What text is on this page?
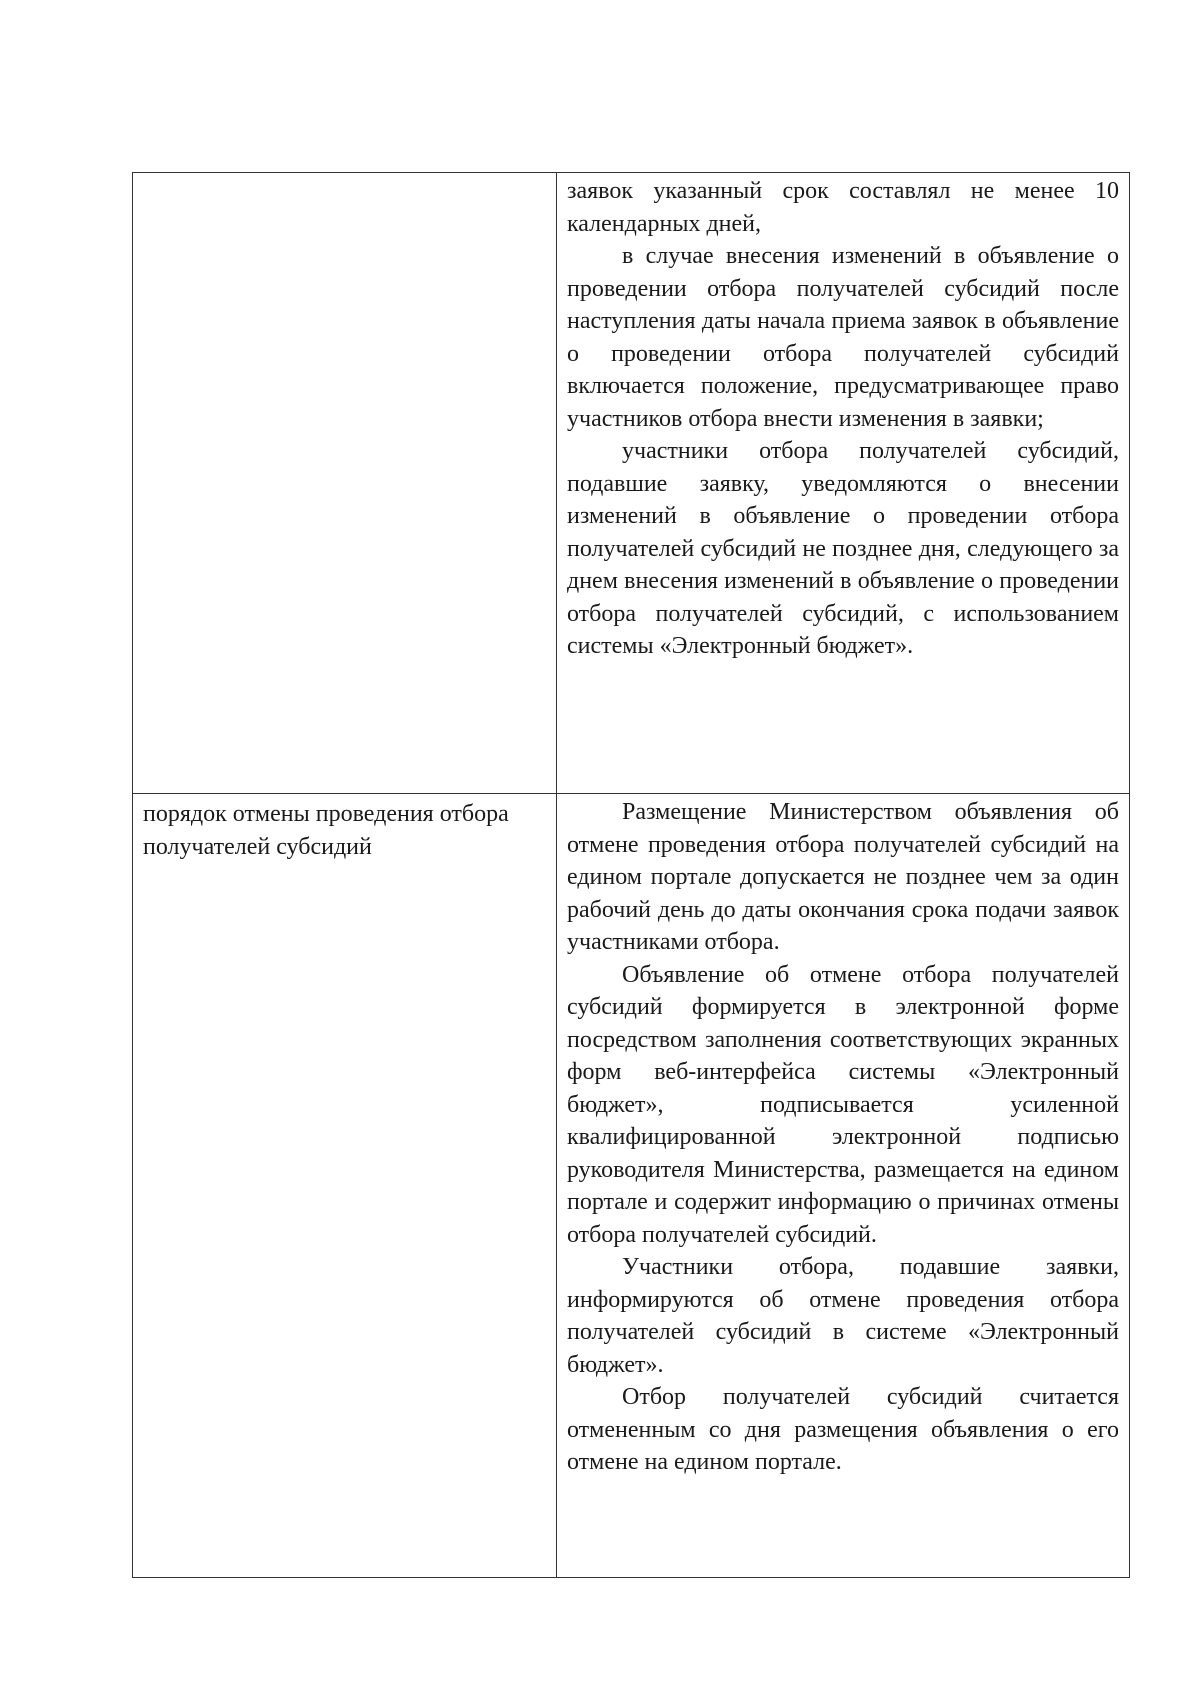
	заявок указанный срок составлял не менее 10 календарных дней,

в случае внесения изменений в объявление о проведении отбора получателей субсидий после наступления даты начала приема заявок в объявление о проведении отбора получателей субсидий включается положение, предусматривающее право участников отбора внести изменения в заявки;

участники отбора получателей субсидий, подавшие заявку, уведомляются о внесении изменений в объявление о проведении отбора получателей субсидий не позднее дня, следующего за днем внесения изменений в объявление о проведении отбора получателей субсидий, с использованием системы «Электронный бюджет».

порядок отмены проведения отбора получателей субсидий	Размещение Министерством объявления об отмене проведения отбора получателей субсидий на едином портале допускается не позднее чем за один рабочий день до даты окончания срока подачи заявок участниками отбора.

Объявление об отмене отбора получателей субсидий формируется в электронной форме посредством заполнения соответствующих экранных форм веб-интерфейса системы «Электронный бюджет», подписывается усиленной квалифицированной электронной подписью руководителя Министерства, размещается на едином портале и содержит информацию о причинах отмены отбора получателей субсидий.

Участники отбора, подавшие заявки, информируются об отмене проведения отбора получателей субсидий в системе «Электронный бюджет».

Отбор получателей субсидий считается отмененным со дня размещения объявления о его отмене на едином портале.
